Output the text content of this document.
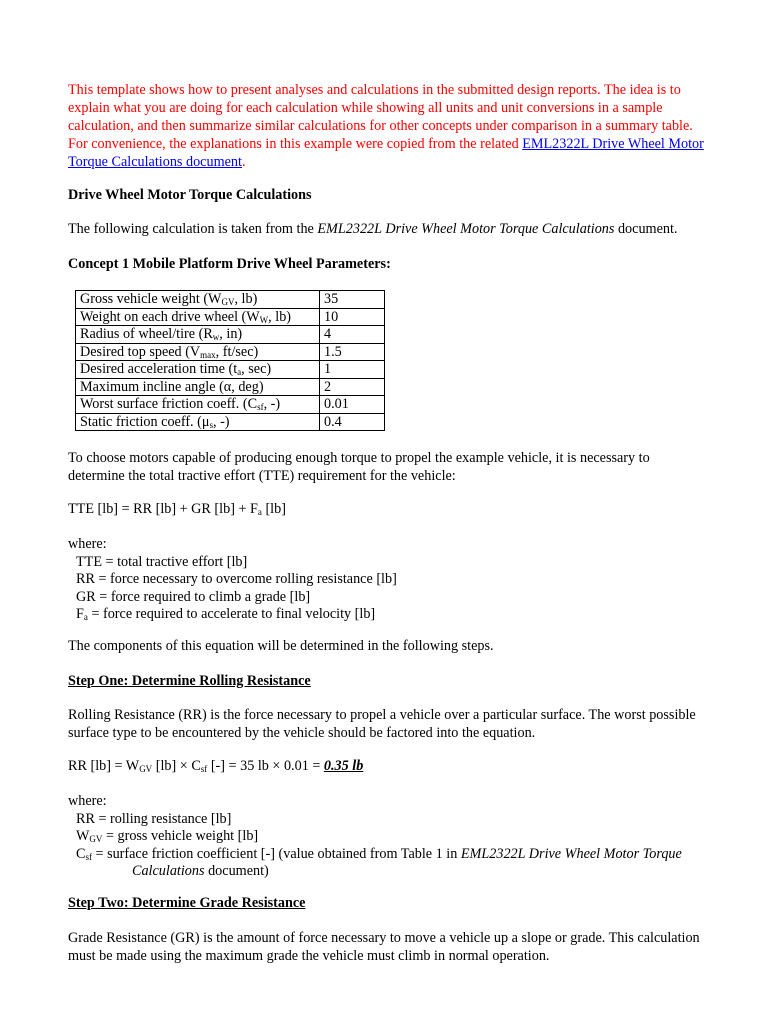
This template shows how to present analyses and calculations in the submitted design reports. The idea is to explain what you are doing for each calculation while showing all units and unit conversions in a sample calculation, and then summarize similar calculations for other concepts under comparison in a summary table. For convenience, the explanations in this example were copied from the related EML2322L Drive Wheel Motor Torque Calculations document.
Drive Wheel Motor Torque Calculations
The following calculation is taken from the EML2322L Drive Wheel Motor Torque Calculations document.
Concept 1 Mobile Platform Drive Wheel Parameters:
Gross vehicle weight ($W_{GV}$, lb)	35
Weight on each drive wheel ($W_W$, lb)	10
Radius of wheel/tire ($R_w$, in)	4
Desired top speed ($V_{max}$, ft/sec)	1.5
Desired acceleration time ($t_a$, sec)	1
Maximum incline angle (α, deg)	2
Worst surface friction coeff. ($C_{sf}$, -)	0.01
Static friction coeff. ($\mu_s$, -)	0.4
To choose motors capable of producing enough torque to propel the example vehicle, it is necessary to determine the total tractive effort (TTE) requirement for the vehicle:
TTE [lb] = RR [lb] + GR $[lb] + F_a$ [lb]
where:
TTE = total tractive effort [lb]
RR = force necessary to overcome rolling resistance [lb]
GR = force required to climb a grade [lb]
$F_a$ = force required to accelerate to final velocity [lb]
The components of this equation will be determined in the following steps.
Step One: Determine Rolling Resistance
Rolling Resistance (RR) is the force necessary to propel a vehicle over a particular surface. The worst possible surface type to be encountered by the vehicle should be factored into the equation.
RR $[lb] = W_{GV}$ $[lb] \times C_{sf}$ [-] = 35 lb × 0.01 = 0.35 lb
where:
RR = rolling resistance [lb]
$W_{GV}$ = gross vehicle weight [lb]
$C_{sf}$ = surface friction coefficient [-] (value obtained from Table 1 in EML2322L Drive Wheel Motor Torque
Calculations document)
Step Two: Determine Grade Resistance
Grade Resistance (GR) is the amount of force necessary to move a vehicle up a slope or grade. This calculation must be made using the maximum grade the vehicle must climb in normal operation.
